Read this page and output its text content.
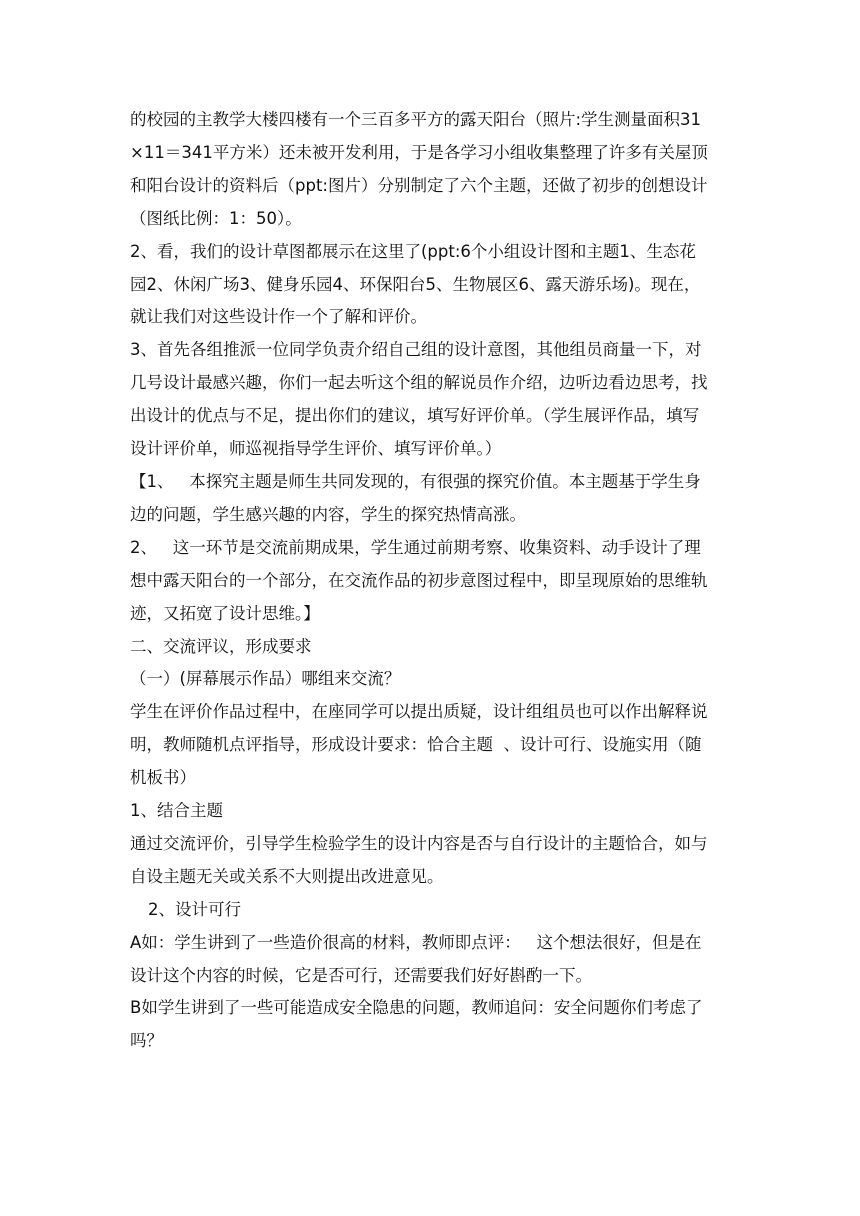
的校园的主教学大楼四楼有一个三百多平方的露天阳台（照片:学生测量面积31

×11＝341平方米）还未被开发利用，于是各学习小组收集整理了许多有关屋顶

和阳台设计的资料后（ppt:图片）分别制定了六个主题，还做了初步的创想设计

（图纸比例：1：50）。

2、看，我们的设计草图都展示在这里了(ppt:6个小组设计图和主题1、生态花

园2、休闲广场3、健身乐园4、环保阳台5、生物展区6、露天游乐场)。现在，

就让我们对这些设计作一个了解和评价。

3、首先各组推派一位同学负责介绍自己组的设计意图，其他组员商量一下，对

几号设计最感兴趣，你们一起去听这个组的解说员作介绍，边听边看边思考，找

出设计的优点与不足，提出你们的建议，填写好评价单。（学生展评作品，填写

设计评价单，师巡视指导学生评价、填写评价单。）

【1、   本探究主题是师生共同发现的，有很强的探究价值。本主题基于学生身

边的问题，学生感兴趣的内容，学生的探究热情高涨。

2、   这一环节是交流前期成果，学生通过前期考察、收集资料、动手设计了理

想中露天阳台的一个部分，在交流作品的初步意图过程中，即呈现原始的思维轨

迹，又拓宽了设计思维。】

二、交流评议，形成要求

（一）(屏幕展示作品）哪组来交流？

学生在评价作品过程中，在座同学可以提出质疑，设计组组员也可以作出解释说

明，教师随机点评指导，形成设计要求：恰合主题  、设计可行、设施实用（随

机板书）

1、结合主题

通过交流评价，引导学生检验学生的设计内容是否与自行设计的主题恰合，如与

自设主题无关或关系不大则提出改进意见。

2、设计可行

A如：学生讲到了一些造价很高的材料，教师即点评：   这个想法很好，但是在

设计这个内容的时候，它是否可行，还需要我们好好斟酌一下。

B如学生讲到了一些可能造成安全隐患的问题，教师追问：安全问题你们考虑了

吗？
